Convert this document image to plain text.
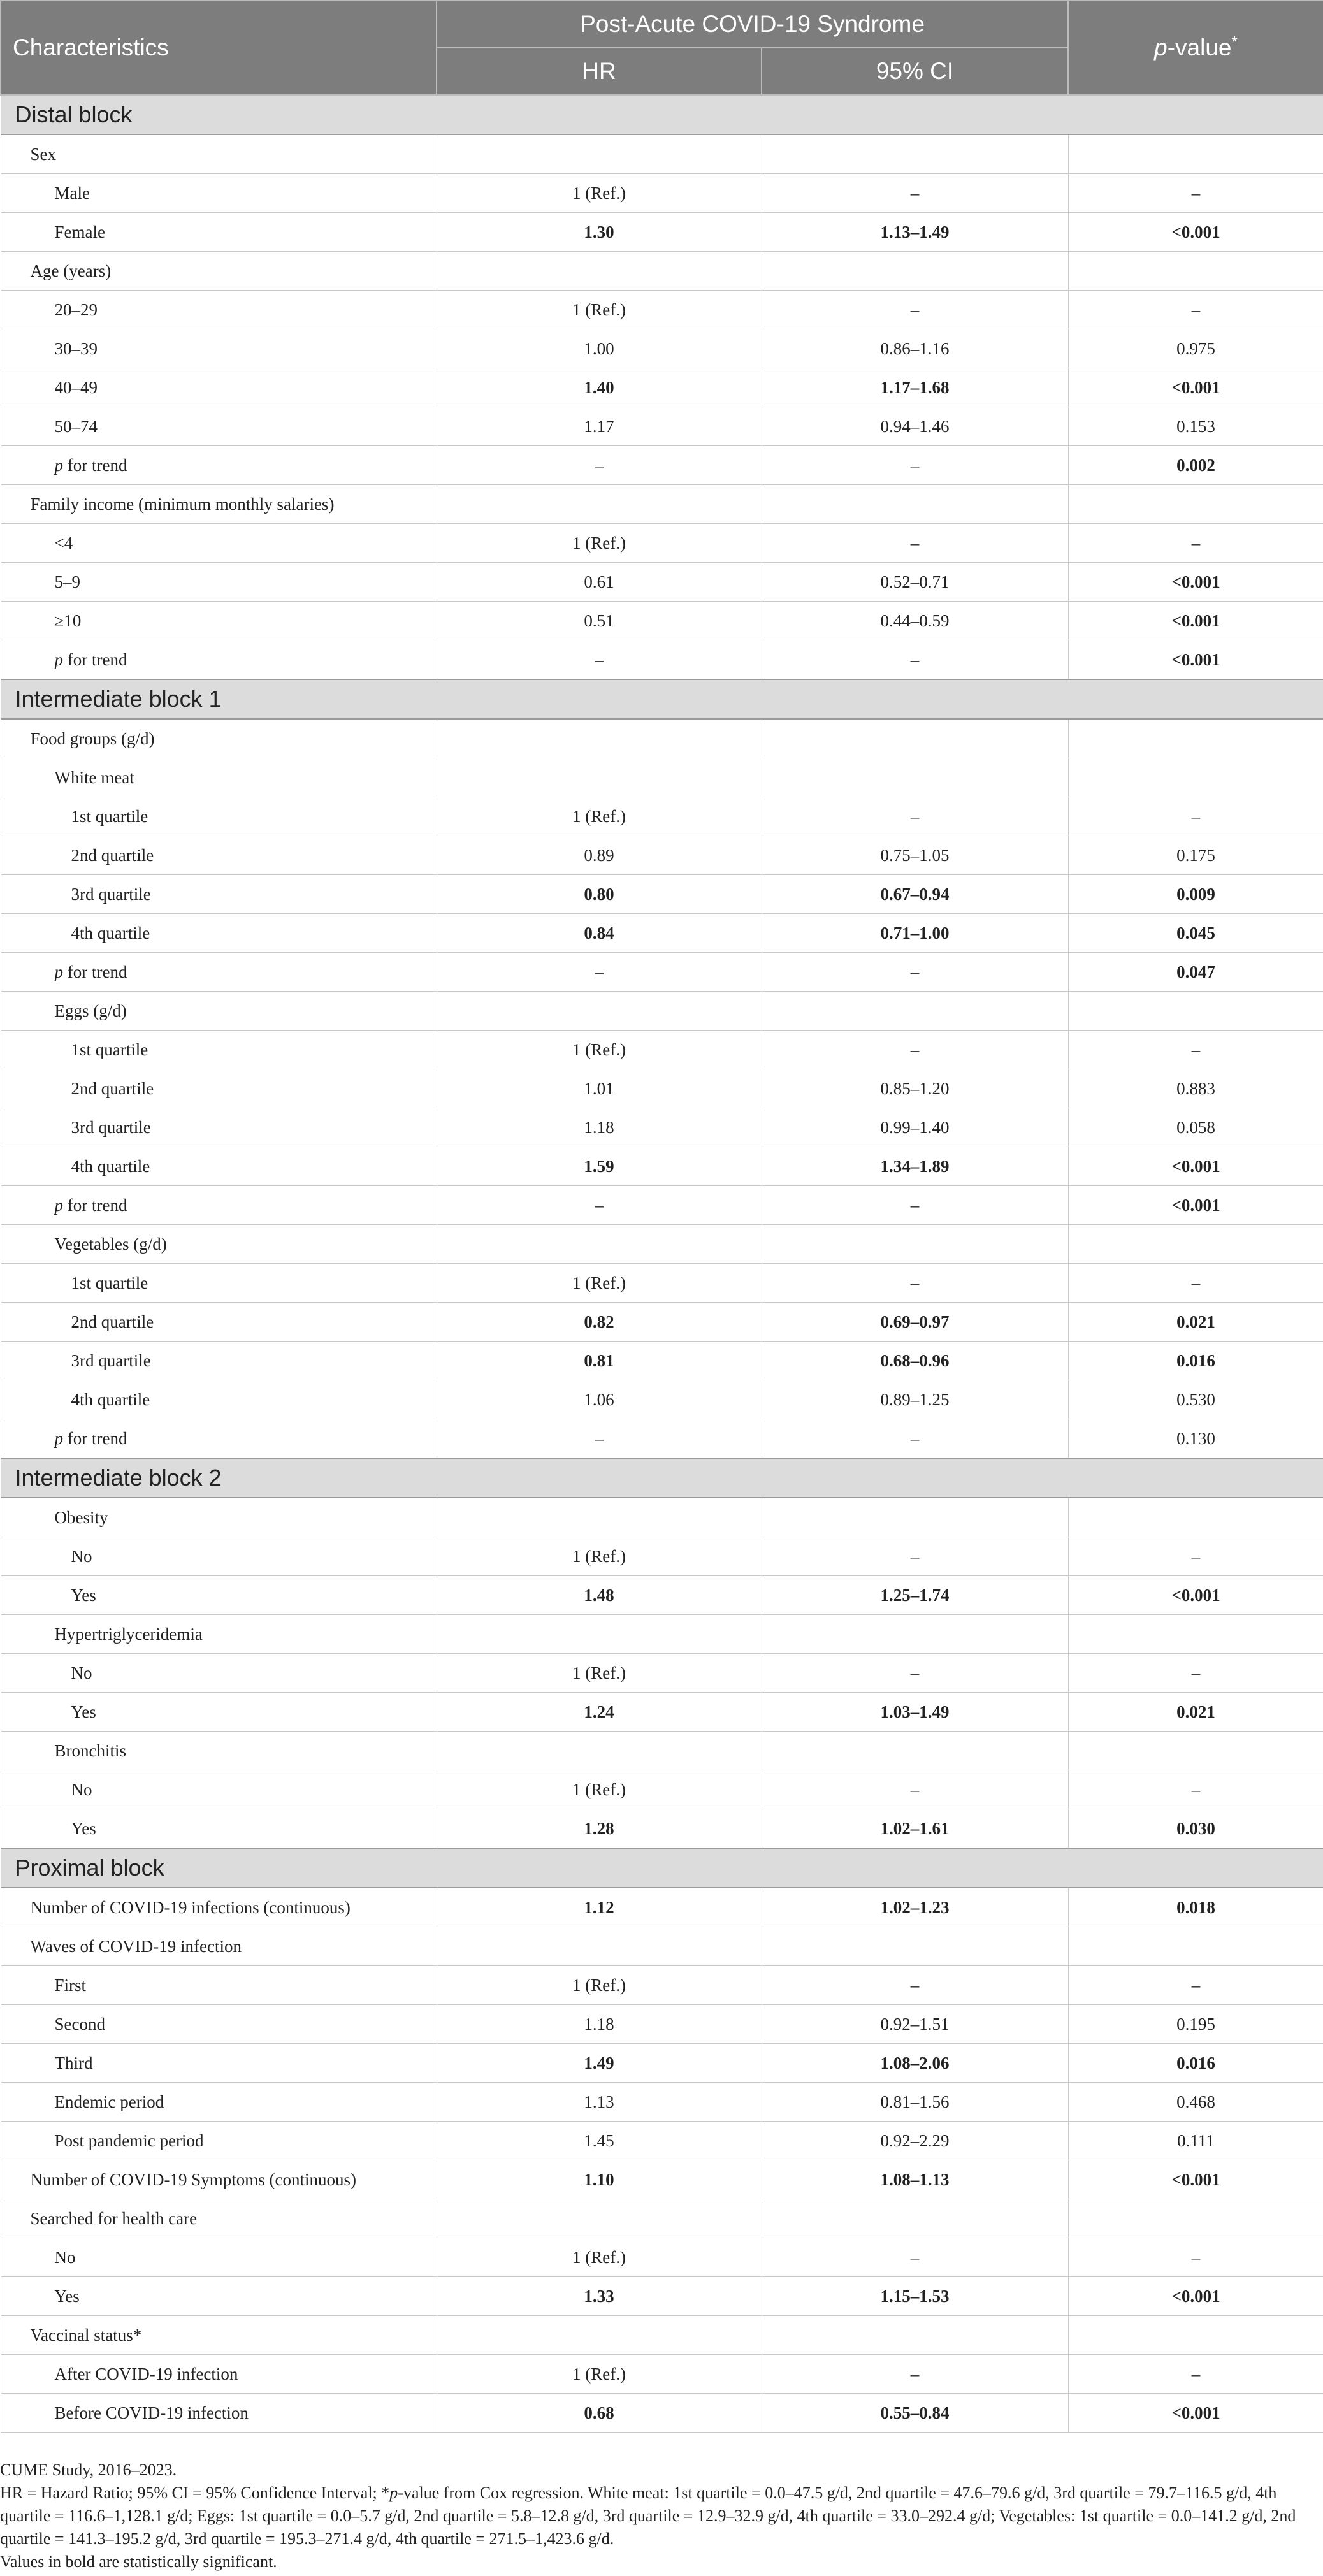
Characteristics	Post-Acute COVID-19 Syndrome		p-value*
	HR	95% CI	
Distal block			
Sex			
Male	1 (Ref.)	–	–
Female	1.30	1.13–1.49	<0.001
Age (years)			
20–29	1 (Ref.)	–	–
30–39	1.00	0.86–1.16	0.975
40–49	1.40	1.17–1.68	<0.001
50–74	1.17	0.94–1.46	0.153
p for trend	–	–	0.002
Family income (minimum monthly salaries)			
<4	1 (Ref.)	–	–
5–9	0.61	0.52–0.71	<0.001
≥10	0.51	0.44–0.59	<0.001
p for trend	–	–	<0.001
Intermediate block 1			
Food groups (g/d)			
White meat			
1st quartile	1 (Ref.)	–	–
2nd quartile	0.89	0.75–1.05	0.175
3rd quartile	0.80	0.67–0.94	0.009
4th quartile	0.84	0.71–1.00	0.045
p for trend	–	–	0.047
Eggs (g/d)			
1st quartile	1 (Ref.)	–	–
2nd quartile	1.01	0.85–1.20	0.883
3rd quartile	1.18	0.99–1.40	0.058
4th quartile	1.59	1.34–1.89	<0.001
p for trend	–	–	<0.001
Vegetables (g/d)			
1st quartile	1 (Ref.)	–	–
2nd quartile	0.82	0.69–0.97	0.021
3rd quartile	0.81	0.68–0.96	0.016
4th quartile	1.06	0.89–1.25	0.530
p for trend	–	–	0.130
Intermediate block 2			
Obesity			
No	1 (Ref.)	–	–
Yes	1.48	1.25–1.74	<0.001
Hypertriglyceridemia			
No	1 (Ref.)	–	–
Yes	1.24	1.03–1.49	0.021
Bronchitis			
No	1 (Ref.)	–	–
Yes	1.28	1.02–1.61	0.030
Proximal block			
Number of COVID-19 infections (continuous)	1.12	1.02–1.23	0.018
Waves of COVID-19 infection			
First	1 (Ref.)	–	–
Second	1.18	0.92–1.51	0.195
Third	1.49	1.08–2.06	0.016
Endemic period	1.13	0.81–1.56	0.468
Post pandemic period	1.45	0.92–2.29	0.111
Number of COVID-19 Symptoms (continuous)	1.10	1.08–1.13	<0.001
Searched for health care			
No	1 (Ref.)	–	–
Yes	1.33	1.15–1.53	<0.001
Vaccinal status*			
After COVID-19 infection	1 (Ref.)	–	–
Before COVID-19 infection	0.68	0.55–0.84	<0.001

CUME Study, 2016–2023.

HR = Hazard Ratio; 95% CI = 95% Confidence Interval; *p-value from Cox regression. White meat: 1st quartile = 0.0–47.5 g/d, 2nd quartile = 47.6–79.6 g/d, 3rd quartile = 79.7–116.5 g/d, 4th quartile = 116.6–1,128.1 g/d; Eggs: 1st quartile = 0.0–5.7 g/d, 2nd quartile = 5.8–12.8 g/d, 3rd quartile = 12.9–32.9 g/d, 4th quartile = 33.0–292.4 g/d; Vegetables: 1st quartile = 0.0–141.2 g/d, 2nd quartile = 141.3–195.2 g/d, 3rd quartile = 195.3–271.4 g/d, 4th quartile = 271.5–1,423.6 g/d.

Values in bold are statistically significant.
